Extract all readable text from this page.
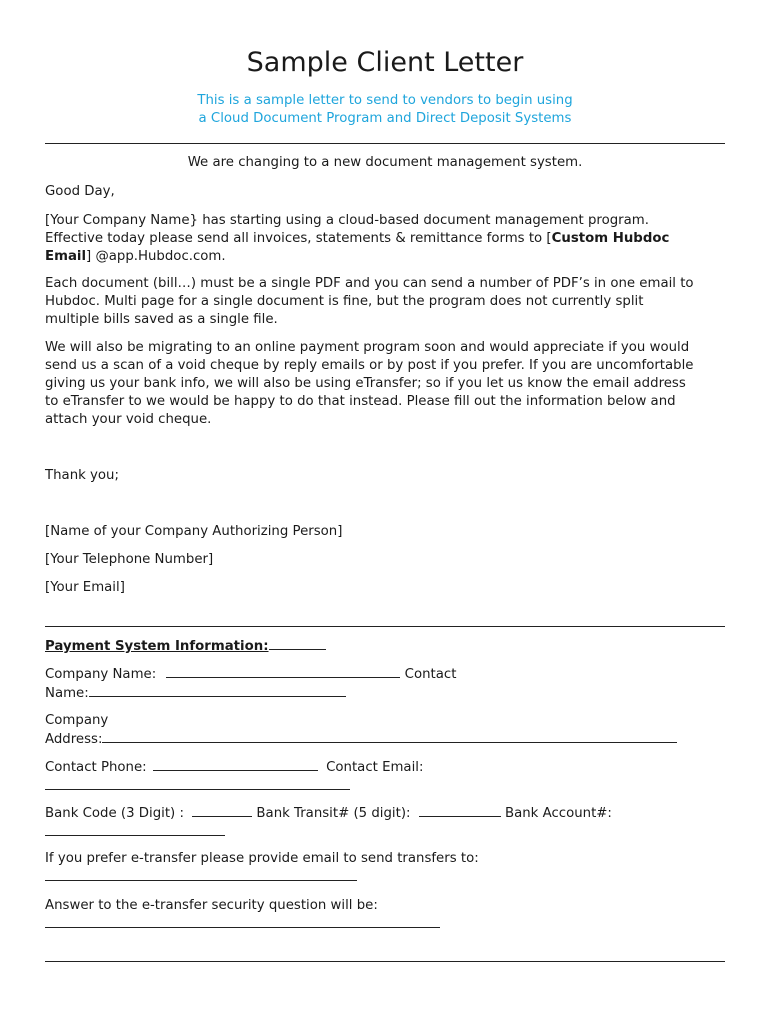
Sample Client Letter
This is a sample letter to send to vendors to begin using
a Cloud Document Program and Direct Deposit Systems
We are changing to a new document management system.
Good Day,
[Your Company Name} has starting using a cloud-based document management program.
Effective today please send all invoices, statements & remittance forms to [Custom Hubdoc
Email] @app.Hubdoc.com.
Each document (bill…) must be a single PDF and you can send a number of PDF’s in one email to
Hubdoc. Multi page for a single document is fine, but the program does not currently split
multiple bills saved as a single file.
We will also be migrating to an online payment program soon and would appreciate if you would
send us a scan of a void cheque by reply emails or by post if you prefer. If you are uncomfortable
giving us your bank info, we will also be using eTransfer; so if you let us know the email address
to eTransfer to we would be happy to do that instead. Please fill out the information below and
attach your void cheque.
Thank you;
[Name of your Company Authorizing Person]
[Your Telephone Number]
[Your Email]
Payment System Information:
Company Name:	Contact
Name:
Company
Address:
Contact Phone:	Contact Email:
Bank Code (3 Digit) :	Bank Transit# (5 digit):	Bank Account#:
If you prefer e-transfer please provide email to send transfers to:
Answer to the e-transfer security question will be:
